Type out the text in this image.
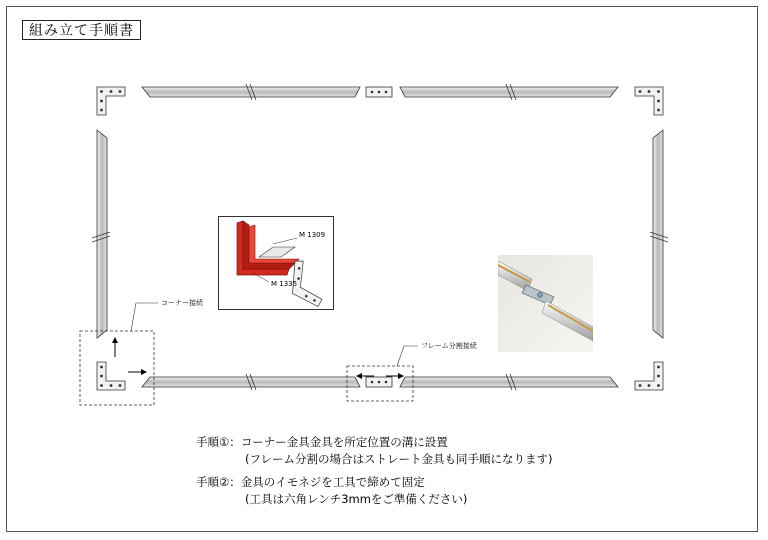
組み立て手順書
コーナー接続
フレーム分割接続
M 1309
M 1335
手順①：コーナー金具金具を所定位置の溝に設置
(フレーム分割の場合はストレート金具も同手順になります)
手順②：金具のイモネジを工具で締めて固定
(工具は六角レンチ3mmをご準備ください)
